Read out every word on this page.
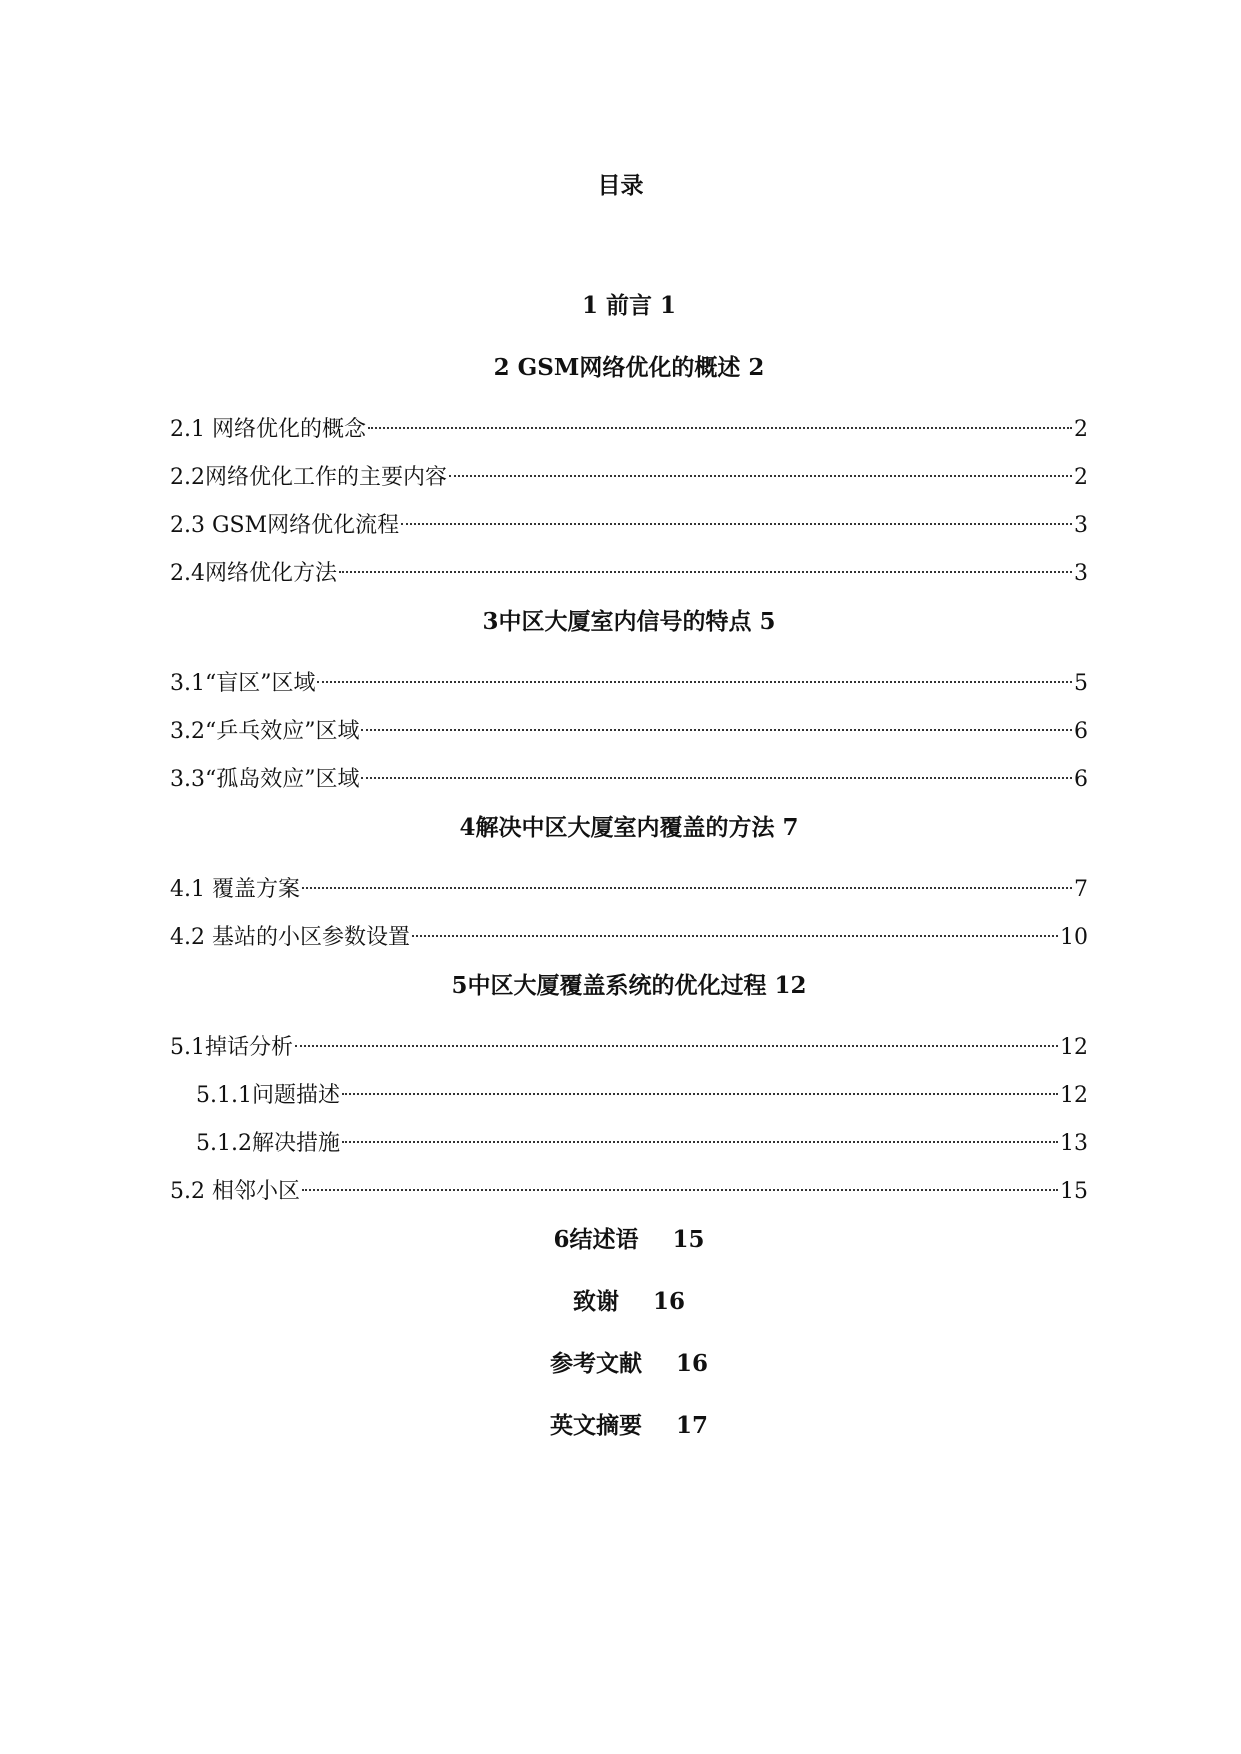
目录
1 前言 1
2 GSM网络优化的概述 2
2.1 网络优化的概念	2
2.2网络优化工作的主要内容	2
2.3 GSM网络优化流程	3
2.4网络优化方法	3
3中区大厦室内信号的特点 5
3.1“盲区”区域	5
3.2“乒乓效应”区域	6
3.3“孤岛效应”区域	6
4解决中区大厦室内覆盖的方法 7
4.1 覆盖方案	7
4.2 基站的小区参数设置	10
5中区大厦覆盖系统的优化过程 12
5.1掉话分析	12
5.1.1问题描述	12
5.1.2解决措施	13
5.2 相邻小区	15
6结述语 15
致谢 16
参考文献 16
英文摘要 17
